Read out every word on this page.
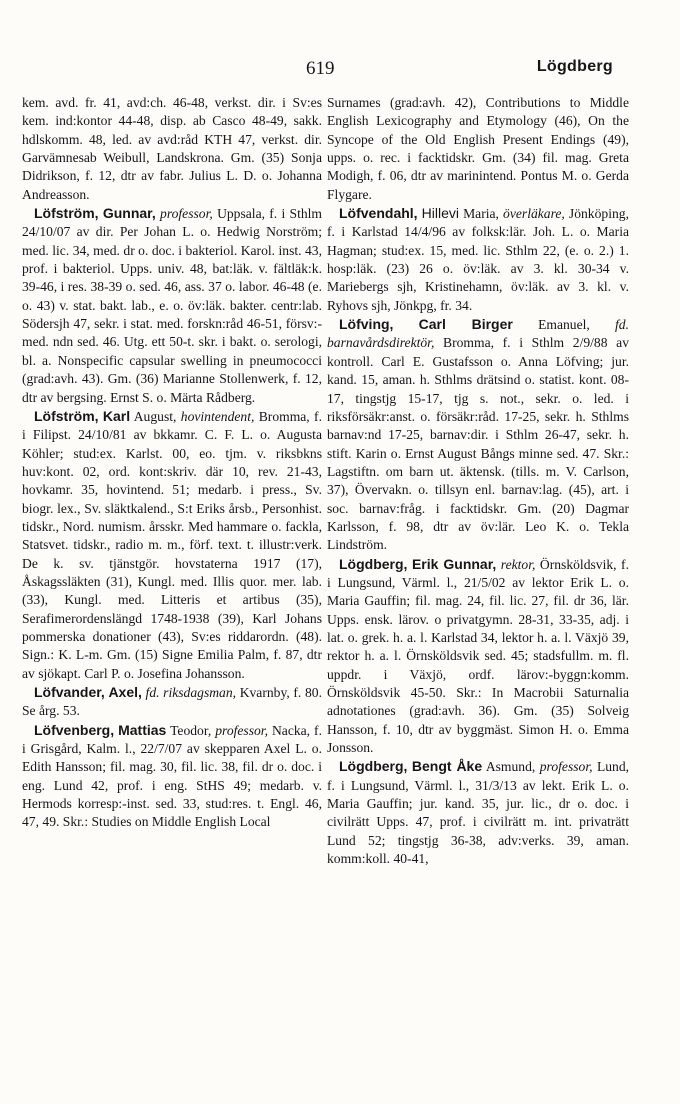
619	Lögdberg

kem. avd. fr. 41, avd:ch. 46-48, verkst. dir. i Sv:es kem. ind:kontor 44-48, disp. ab Casco 48-49, sakk. hdlskomm. 48, led. av avd:råd KTH 47, verkst. dir. Garvämnesab Weibull, Landskrona. Gm. (35) Sonja Didrikson, f. 12, dtr av fabr. Julius L. D. o. Johanna Andreasson.

Löfström, Gunnar, professor, Uppsala, f. i Sthlm 24/10/07 av dir. Per Johan L. o. Hedwig Norström; med. lic. 34, med. dr o. doc. i bakteriol. Karol. inst. 43, prof. i bakteriol. Upps. univ. 48, bat:läk. v. fältläk:k. 39-46, i res. 38-39 o. sed. 46, ass. 37 o. labor. 46-48 (e. o. 43) v. stat. bakt. lab., e. o. öv:läk. bakter. centr:lab. Södersjh 47, sekr. i stat. med. forskn:råd 46-51, försv:-med. ndn sed. 46. Utg. ett 50-t. skr. i bakt. o. serologi, bl. a. Nonspecific capsular swelling in pneumococci (grad:avh. 43). Gm. (36) Marianne Stollenwerk, f. 12, dtr av bergsing. Ernst S. o. Märta Rådberg.

Löfström, Karl August, hovintendent, Bromma, f. i Filipst. 24/10/81 av bkkamr. C. F. L. o. Augusta Köhler; stud:ex. Karlst. 00, eo. tjm. v. riksbkns huv:kont. 02, ord. kont:skriv. där 10, rev. 21-43, hovkamr. 35, hovintend. 51; medarb. i press., Sv. biogr. lex., Sv. släktkalend., S:t Eriks årsb., Personhist. tidskr., Nord. numism. årsskr. Med hammare o. fackla, Statsvet. tidskr., radio m. m., förf. text. t. illustr:verk. De k. sv. tjänstgör. hovstaterna 1917 (17), Åskagssläkten (31), Kungl. med. Illis quor. mer. lab. (33), Kungl. med. Litteris et artibus (35), Serafimerordenslängd 1748-1938 (39), Karl Johans pommerska donationer (43), Sv:es riddarordn. (48). Sign.: K. L-m. Gm. (15) Signe Emilia Palm, f. 87, dtr av sjökapt. Carl P. o. Josefina Johansson.

Löfvander, Axel, fd. riksdagsman, Kvarnby, f. 80. Se årg. 53.

Löfvenberg, Mattias Teodor, professor, Nacka, f. i Grisgård, Kalm. l., 22/7/07 av skepparen Axel L. o. Edith Hansson; fil. mag. 30, fil. lic. 38, fil. dr o. doc. i eng. Lund 42, prof. i eng. StHS 49; medarb. v. Hermods korresp:-inst. sed. 33, stud:res. t. Engl. 46, 47, 49. Skr.: Studies on Middle English Local

Surnames (grad:avh. 42), Contributions to Middle English Lexicography and Etymology (46), On the Syncope of the Old English Present Endings (49), upps. o. rec. i facktidskr. Gm. (34) fil. mag. Greta Modigh, f. 06, dtr av marinintend. Pontus M. o. Gerda Flygare.

Löfvendahl, Hillevi Maria, överläkare, Jönköping, f. i Karlstad 14/4/96 av folksk:lär. Joh. L. o. Maria Hagman; stud:ex. 15, med. lic. Sthlm 22, (e. o. 2.) 1. hosp:läk. (23) 26 o. öv:läk. av 3. kl. 30-34 v. Mariebergs sjh, Kristinehamn, öv:läk. av 3. kl. v. Ryhovs sjh, Jönkpg, fr. 34.

Löfving, Carl Birger Emanuel, fd. barnavårdsdirektör, Bromma, f. i Sthlm 2/9/88 av kontroll. Carl E. Gustafsson o. Anna Löfving; jur. kand. 15, aman. h. Sthlms drätsind o. statist. kont. 08-17, tingstjg 15-17, tjg s. not., sekr. o. led. i riksförsäkr:anst. o. försäkr:råd. 17-25, sekr. h. Sthlms barnav:nd 17-25, barnav:dir. i Sthlm 26-47, sekr. h. stift. Karin o. Ernst August Bångs minne sed. 47. Skr.: Lagstiftn. om barn ut. äktensk. (tills. m. V. Carlson, 37), Övervakn. o. tillsyn enl. barnav:lag. (45), art. i soc. barnav:fråg. i facktidskr. Gm. (20) Dagmar Karlsson, f. 98, dtr av öv:lär. Leo K. o. Tekla Lindström.

Lögdberg, Erik Gunnar, rektor, Örnsköldsvik, f. i Lungsund, Värml. l., 21/5/02 av lektor Erik L. o. Maria Gauffin; fil. mag. 24, fil. lic. 27, fil. dr 36, lär. Upps. ensk. lärov. o privatgymn. 28-31, 33-35, adj. i lat. o. grek. h. a. l. Karlstad 34, lektor h. a. l. Växjö 39, rektor h. a. l. Örnsköldsvik sed. 45; stadsfullm. m. fl. uppdr. i Växjö, ordf. lärov:-byggn:komm. Örnsköldsvik 45-50. Skr.: In Macrobii Saturnalia adnotationes (grad:avh. 36). Gm. (35) Solveig Hansson, f. 10, dtr av byggmäst. Simon H. o. Emma Jonsson.

Lögdberg, Bengt Åke Asmund, professor, Lund, f. i Lungsund, Värml. l., 31/3/13 av lekt. Erik L. o. Maria Gauffin; jur. kand. 35, jur. lic., dr o. doc. i civilrätt Upps. 47, prof. i civilrätt m. int. privaträtt Lund 52; tingstjg 36-38, adv:verks. 39, aman. komm:koll. 40-41,
